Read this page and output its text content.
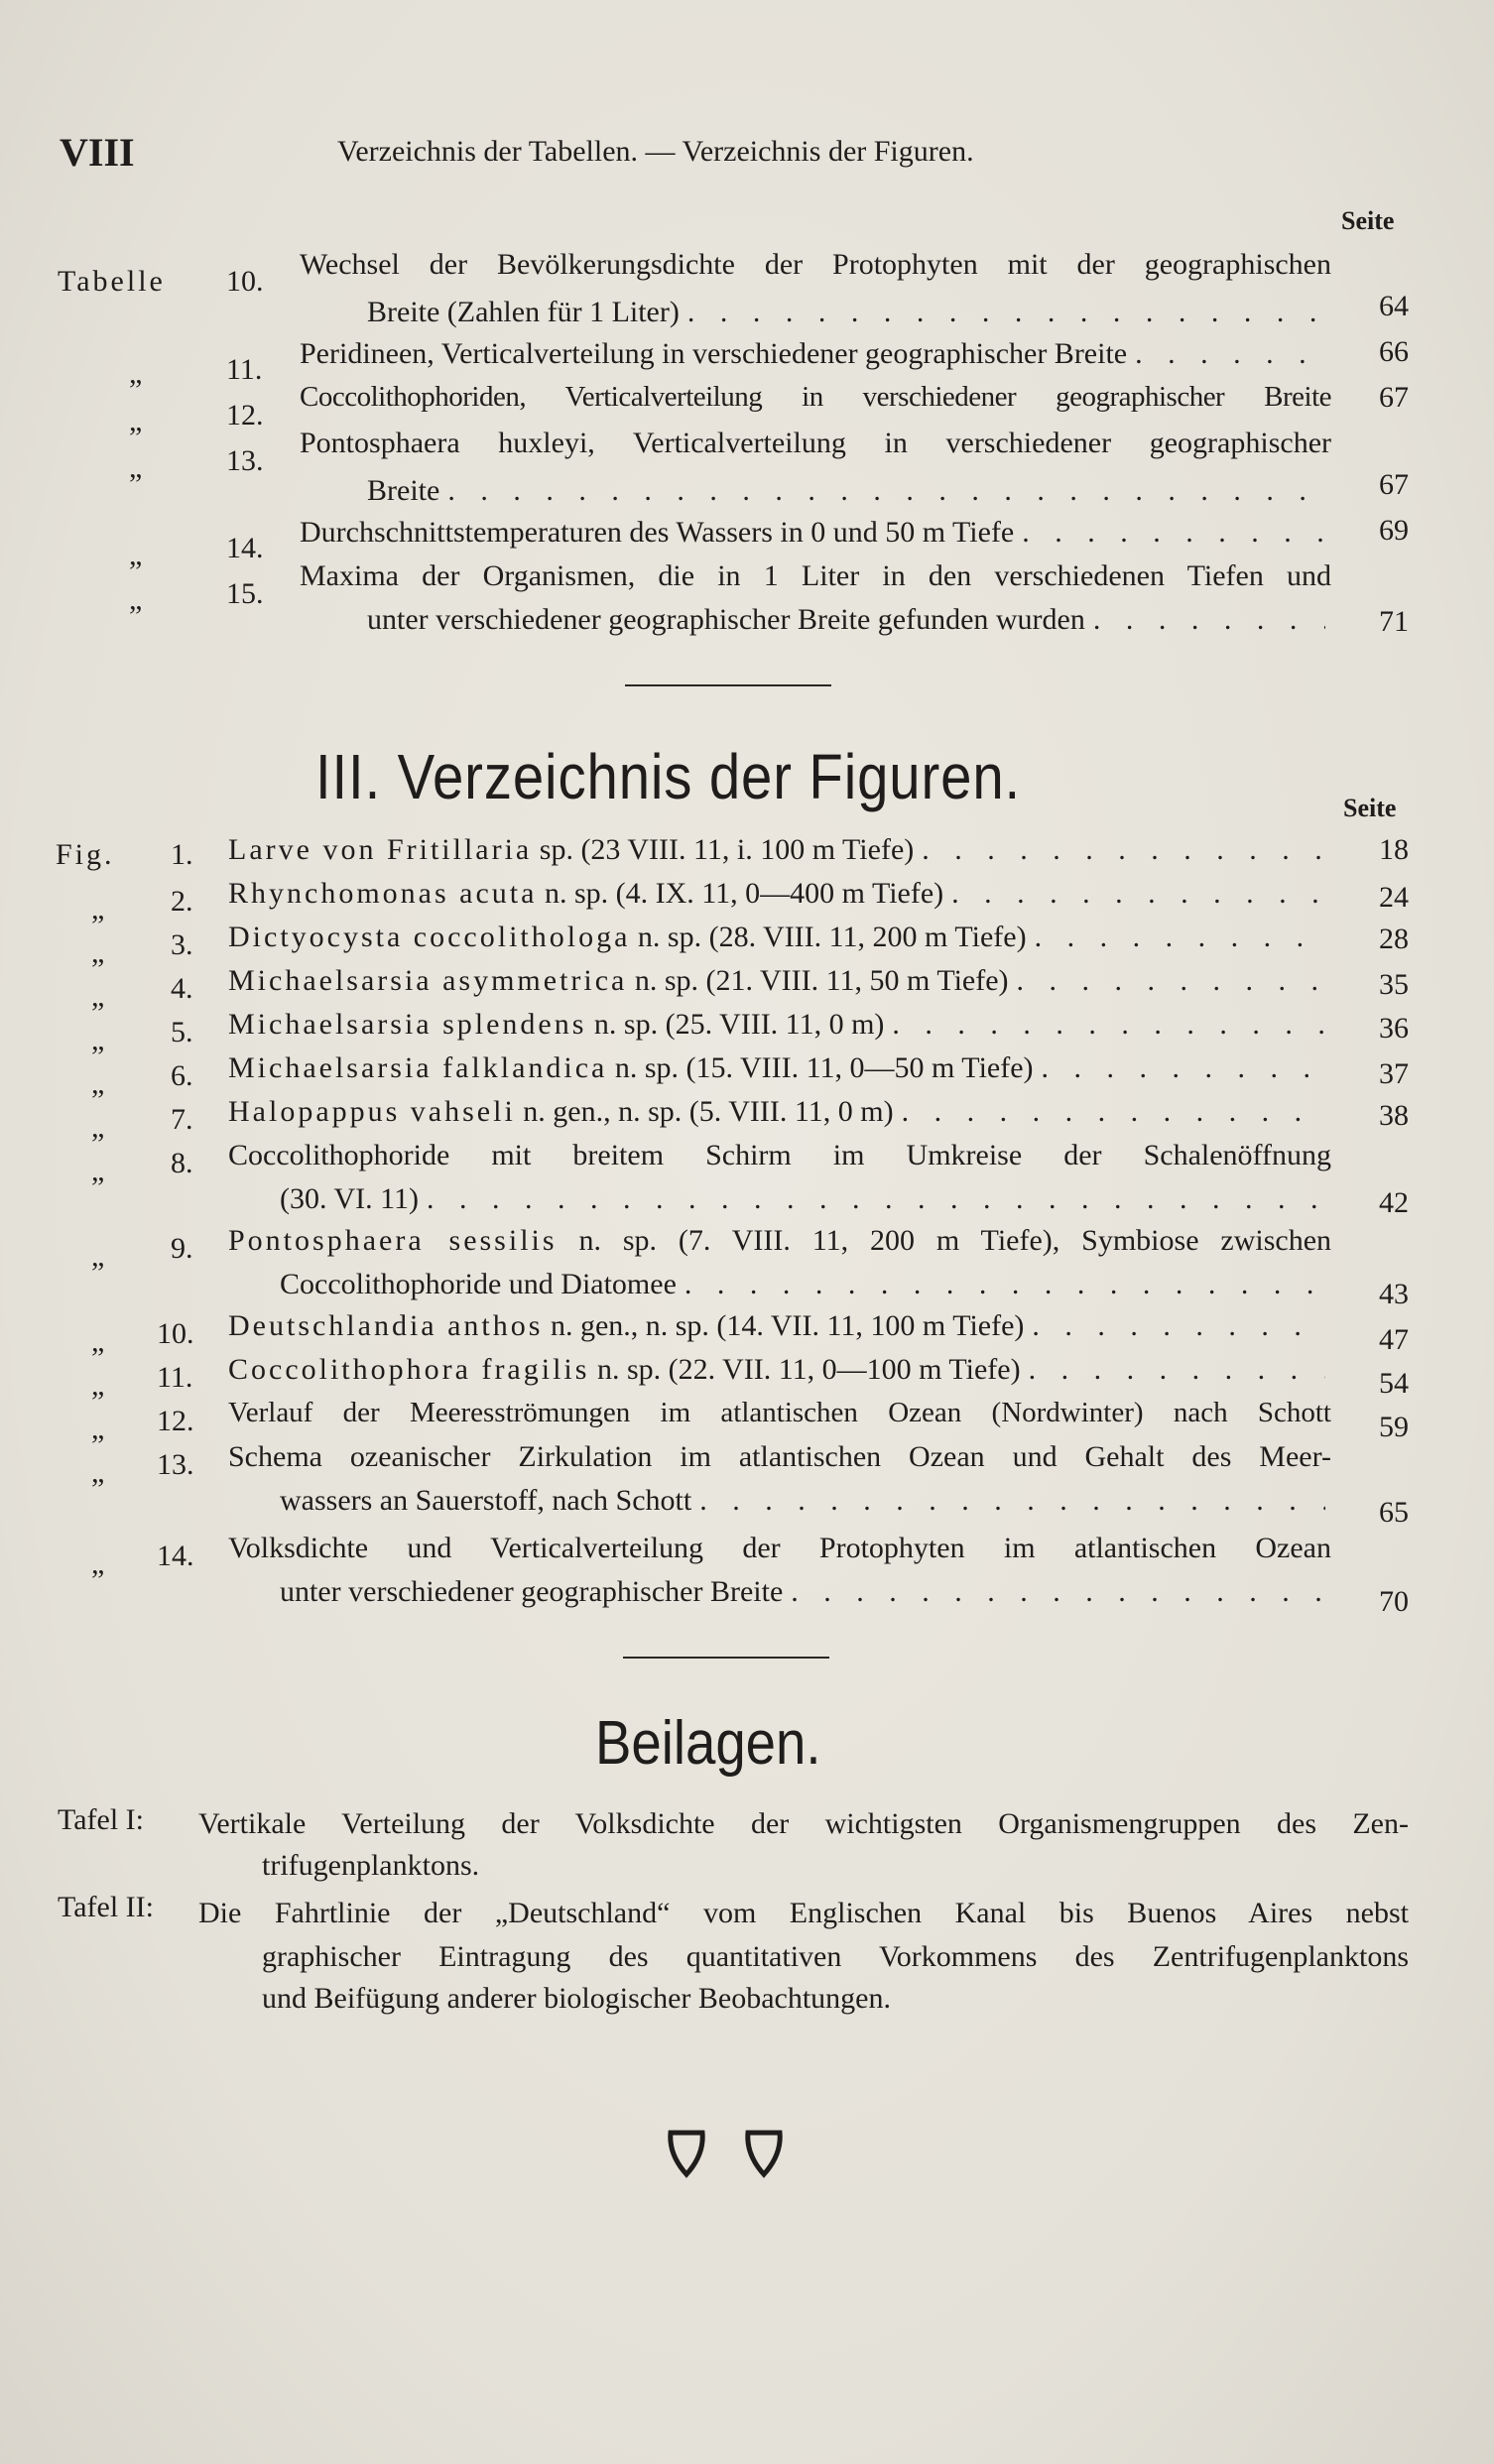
VIII	Verzeichnis der Tabellen. — Verzeichnis der Figuren.
Seite
Tabelle 10.
Wechsel der Bevölkerungsdichte der Protophyten mit der geographischen
Breite (Zahlen für 1 Liter) . . .	64
„	11. Peridineen, Verticalverteilung in verschiedener geographischer Breite . . .	66
„	12.
Coccolithophoriden, Verticalverteilung in verschiedener geographischer Breite	67
„	13.
Pontosphaera huxleyi, Verticalverteilung in verschiedener geographischer
Breite . . .	67
„	14. Durchschnittstemperaturen des Wassers in 0 und 50 m Tiefe . . .	69
„	15.
Maxima der Organismen, die in 1 Liter in den verschiedenen Tiefen und
unter verschiedener geographischer Breite gefunden wurden . . .	71
III. Verzeichnis der Figuren.	Seite
Fig. 1. Larve von Fritillaria sp. (23 VIII. 11, i. 100 m Tiefe) . . .	18
„ 2. Rhynchomonas acuta n. sp. (4. IX. 11, 0—400 m Tiefe) . . .	24
„ 3. Dictyocysta coccolithologa n. sp. (28. VIII. 11, 200 m Tiefe) . . .	28
„ 4. Michaelsarsia asymmetrica n. sp. (21. VIII. 11, 50 m Tiefe) . . .	35
„ 5. Michaelsarsia splendens n. sp. (25. VIII. 11, 0 m) . . .	36
„ 6. Michaelsarsia falklandica n. sp. (15. VIII. 11, 0—50 m Tiefe) . . .	37
„ 7. Halopappus vahseli n. gen., n. sp. (5. VIII. 11, 0 m) . . .	38
„ 8. Coccolithophoride mit breitem Schirm im Umkreise der Schalenöffnung
(30. VI. 11) . . .	42
„ 9. Pontosphaera sessilis n. sp. (7. VIII. 11, 200 m Tiefe), Symbiose zwischen
Coccolithophoride und Diatomee . . .	43
„ 10. Deutschlandia anthos n. gen., n. sp. (14. VII. 11, 100 m Tiefe) . . .	47
„ 11. Coccolithophora fragilis n. sp. (22. VII. 11, 0—100 m Tiefe) . . .	54
„ 12. Verlauf der Meeresströmungen im atlantischen Ozean (Nordwinter) nach Schott	59
„ 13. Schema ozeanischer Zirkulation im atlantischen Ozean und Gehalt des Meer-
wassers an Sauerstoff, nach Schott . . .	65
„ 14. Volksdichte und Verticalverteilung der Protophyten im atlantischen Ozean
unter verschiedener geographischer Breite . . .	70
Beilagen.
Tafel I: Vertikale Verteilung der Volksdichte der wichtigsten Organismengruppen des Zen-
trifugenplanktons.
Tafel II: Die Fahrtlinie der „Deutschland“ vom Englischen Kanal bis Buenos Aires nebst
graphischer Eintragung des quantitativen Vorkommens des Zentrifugenplanktons
und Beifügung anderer biologischer Beobachtungen.
